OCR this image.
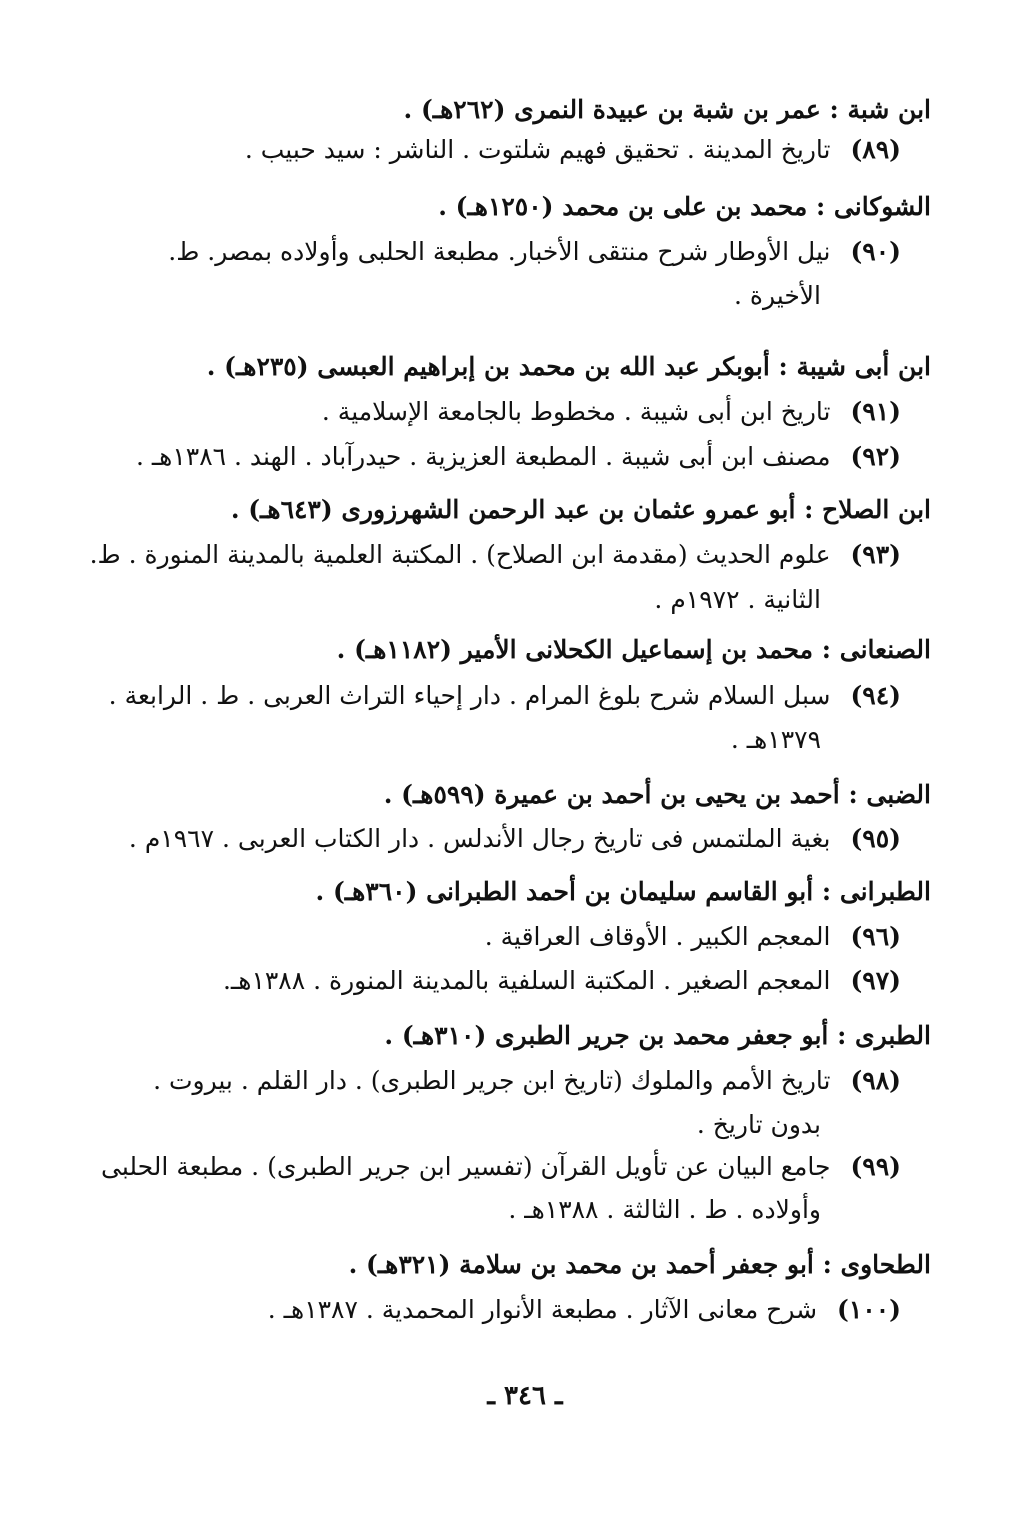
ابن شبة : عمر بن شبة بن عبيدة النمرى (٢٦٢هـ) .
(٨٩) تاريخ المدينة . تحقيق فهيم شلتوت . الناشر : سيد حبيب .
الشوكانى : محمد بن على بن محمد (١٢٥٠هـ) .
(٩٠) نيل الأوطار شرح منتقى الأخبار. مطبعة الحلبى وأولاده بمصر. ط.
الأخيرة .
ابن أبى شيبة : أبوبكر عبد الله بن محمد بن إبراهيم العبسى (٢٣٥هـ) .
(٩١) تاريخ ابن أبى شيبة . مخطوط بالجامعة الإسلامية .
(٩٢) مصنف ابن أبى شيبة . المطبعة العزيزية . حيدرآباد . الهند . ١٣٨٦هـ .
ابن الصلاح : أبو عمرو عثمان بن عبد الرحمن الشهرزورى (٦٤٣هـ) .
(٩٣) علوم الحديث (مقدمة ابن الصلاح) . المكتبة العلمية بالمدينة المنورة . ط.
الثانية . ١٩٧٢م .
الصنعانى : محمد بن إسماعيل الكحلانى الأمير (١١٨٢هـ) .
(٩٤) سبل السلام شرح بلوغ المرام . دار إحياء التراث العربى . ط . الرابعة .
١٣٧٩هـ .
الضبى : أحمد بن يحيى بن أحمد بن عميرة (٥٩٩هـ) .
(٩٥) بغية الملتمس فى تاريخ رجال الأندلس . دار الكتاب العربى . ١٩٦٧م .
الطبرانى : أبو القاسم سليمان بن أحمد الطبرانى (٣٦٠هـ) .
(٩٦) المعجم الكبير . الأوقاف العراقية .
(٩٧) المعجم الصغير . المكتبة السلفية بالمدينة المنورة . ١٣٨٨هـ.
الطبرى : أبو جعفر محمد بن جرير الطبرى (٣١٠هـ) .
(٩٨) تاريخ الأمم والملوك (تاريخ ابن جرير الطبرى) . دار القلم . بيروت .
بدون تاريخ .
(٩٩) جامع البيان عن تأويل القرآن (تفسير ابن جرير الطبرى) . مطبعة الحلبى
وأولاده . ط . الثالثة . ١٣٨٨هـ .
الطحاوى : أبو جعفر أحمد بن محمد بن سلامة (٣٢١هـ) .
(١٠٠) شرح معانى الآثار . مطبعة الأنوار المحمدية . ١٣٨٧هـ .
ـ ٣٤٦ ـ
